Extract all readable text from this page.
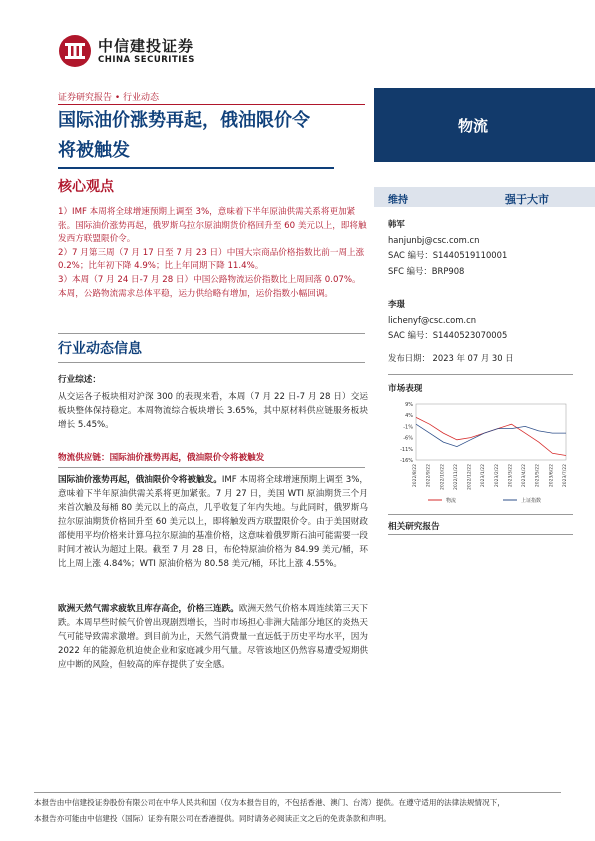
中信建投证券
CHINA SECURITIES
证券研究报告 • 行业动态
国际油价涨势再起，俄油限价令
将被触发
物流
核心观点

1）IMF 本周将全球增速预期上调至 3%，意味着下半年原油供需关系将更加紧张。国际油价涨势再起，俄罗斯乌拉尔原油期货价格回升至 60 美元以上，即将触发西方联盟限价令。

2）7 月第三周（7 月 17 日至 7 月 23 日）中国大宗商品价格指数比前一周上涨 0.2%；比年初下降 4.9%；比上年同期下降 11.4%。

3）本周（7 月 24 日-7 月 28 日）中国公路物流运价指数比上周回落 0.07%。本周，公路物流需求总体平稳，运力供给略有增加，运价指数小幅回调。

行业动态信息
行业综述：
从交运各子板块相对沪深 300 的表现来看，本周（7 月 22 日-7 月 28 日）交运板块整体保持稳定。本周物流综合板块增长 3.65%，其中原材料供应链服务板块增长 5.45%。
物流供应链：国际油价涨势再起，俄油限价令将被触发
国际油价涨势再起，俄油限价令将被触发。IMF 本周将全球增速预期上调至 3%，意味着下半年原油供需关系将更加紧张。7 月 27 日，美国 WTI 原油期货三个月来首次触及每桶 80 美元以上的高点，几乎收复了年内失地。与此同时，俄罗斯乌拉尔原油期货价格回升至 60 美元以上，即将触发西方联盟限价令。由于美国财政部使用平均价格来计算乌拉尔原油的基准价格，这意味着俄罗斯石油可能需要一段时间才被认为超过上限。截至 7 月 28 日，布伦特原油价格为 84.99 美元/桶，环比上周上涨 4.84%；WTI 原油价格为 80.58 美元/桶，环比上涨 4.55%。
欧洲天然气需求疲软且库存高企，价格三连跌。欧洲天然气价格本周连续第三天下跌。本周早些时候气价曾出现剧烈增长，当时市场担心非洲大陆部分地区的炎热天气可能导致需求激增。到目前为止，天然气消费量一直远低于历史平均水平，因为 2022 年的能源危机迫使企业和家庭减少用气量。尽管该地区仍然容易遭受短期供应中断的风险，但较高的库存提供了安全感。
维持	强于大市
韩军
hanjunbj@csc.com.cn
SAC 编号：S1440519110001
SFC 编号：BRP908
李璟
lichenyf@csc.com.cn
SAC 编号：S1440523070005
发布日期： 2023 年 07 月 30 日
市场表现
9%
4%
-1%
-6%
-11%
-16%
2022/8/22 2022/9/22 2022/10/22 2022/11/22 2022/12/22 2023/1/22 2023/2/22 2023/3/22 2023/4/22 2023/5/22 2023/6/22 2023/7/22
物流	上证指数
相关研究报告
本报告由中信建投证券股份有限公司在中华人民共和国（仅为本报告目的，不包括香港、澳门、台湾）提供。在遵守适用的法律法规情况下，
本报告亦可能由中信建投（国际）证券有限公司在香港提供。同时请务必阅读正文之后的免责条款和声明。
